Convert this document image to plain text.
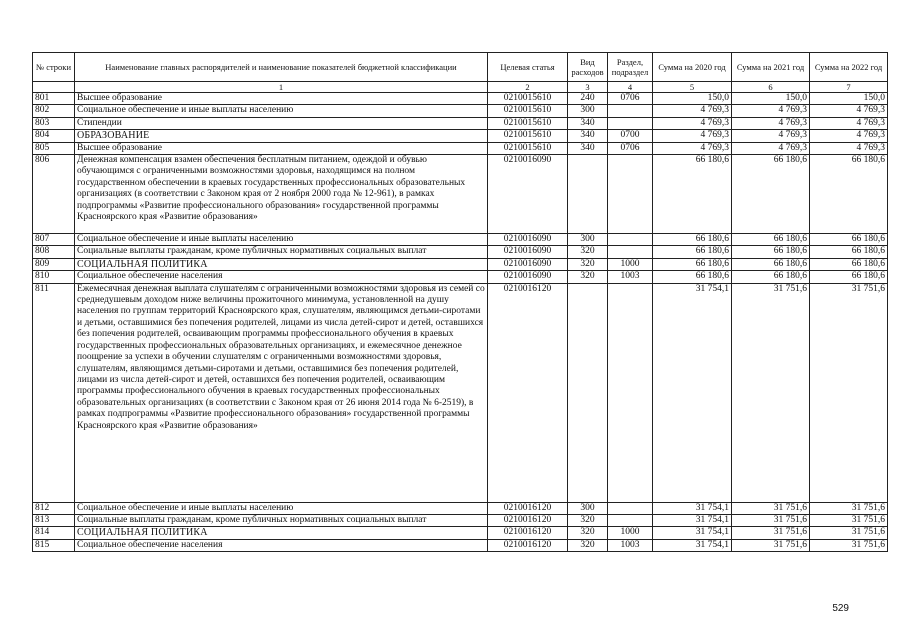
№ строки	Наименование главных распорядителей и наименование показателей бюджетной классификации	Целевая статья	Вид расходов	Раздел, подраздел	Сумма на 2020 год	Сумма на 2021 год	Сумма на 2022 год
	1	2	3	4	5	6	7
801	Высшее образование	0210015610	240	0706	150,0	150,0	150,0
802	Социальное обеспечение и иные выплаты населению	0210015610	300		4 769,3	4 769,3	4 769,3
803	Стипендии	0210015610	340		4 769,3	4 769,3	4 769,3
804	ОБРАЗОВАНИЕ	0210015610	340	0700	4 769,3	4 769,3	4 769,3
805	Высшее образование	0210015610	340	0706	4 769,3	4 769,3	4 769,3
806	Денежная компенсация взамен обеспечения бесплатным питанием, одеждой и обувью обучающимся с ограниченными возможностями здоровья, находящимся на полном государственном обеспечении в краевых государственных профессиональных образовательных организациях (в соответствии с Законом края от 2 ноября 2000 года № 12-961), в рамках подпрограммы «Развитие профессионального образования» государственной программы Красноярского края «Развитие образования»	0210016090			66 180,6	66 180,6	66 180,6
807	Социальное обеспечение и иные выплаты населению	0210016090	300		66 180,6	66 180,6	66 180,6
808	Социальные выплаты гражданам, кроме публичных нормативных социальных выплат	0210016090	320		66 180,6	66 180,6	66 180,6
809	СОЦИАЛЬНАЯ ПОЛИТИКА	0210016090	320	1000	66 180,6	66 180,6	66 180,6
810	Социальное обеспечение населения	0210016090	320	1003	66 180,6	66 180,6	66 180,6
811	Ежемесячная денежная выплата слушателям с ограниченными возможностями здоровья из семей со среднедушевым доходом ниже величины прожиточного минимума, установленной на душу населения по группам территорий Красноярского края, слушателям, являющимся детьми-сиротами и детьми, оставшимися без попечения родителей, лицами из числа детей-сирот и детей, оставшихся без попечения родителей, осваивающим программы профессионального обучения в краевых государственных профессиональных образовательных организациях, и ежемесячное денежное поощрение за успехи в обучении слушателям с ограниченными возможностями здоровья, слушателям, являющимся детьми-сиротами и детьми, оставшимися без попечения родителей, лицами из числа детей-сирот и детей, оставшихся без попечения родителей, осваивающим программы профессионального обучения в краевых государственных профессиональных образовательных организациях (в соответствии с Законом края от 26 июня 2014 года № 6-2519), в рамках подпрограммы «Развитие профессионального образования» государственной программы Красноярского края «Развитие образования»	0210016120			31 754,1	31 751,6	31 751,6
812	Социальное обеспечение и иные выплаты населению	0210016120	300		31 754,1	31 751,6	31 751,6
813	Социальные выплаты гражданам, кроме публичных нормативных социальных выплат	0210016120	320		31 754,1	31 751,6	31 751,6
814	СОЦИАЛЬНАЯ ПОЛИТИКА	0210016120	320	1000	31 754,1	31 751,6	31 751,6
815	Социальное обеспечение населения	0210016120	320	1003	31 754,1	31 751,6	31 751,6
529
